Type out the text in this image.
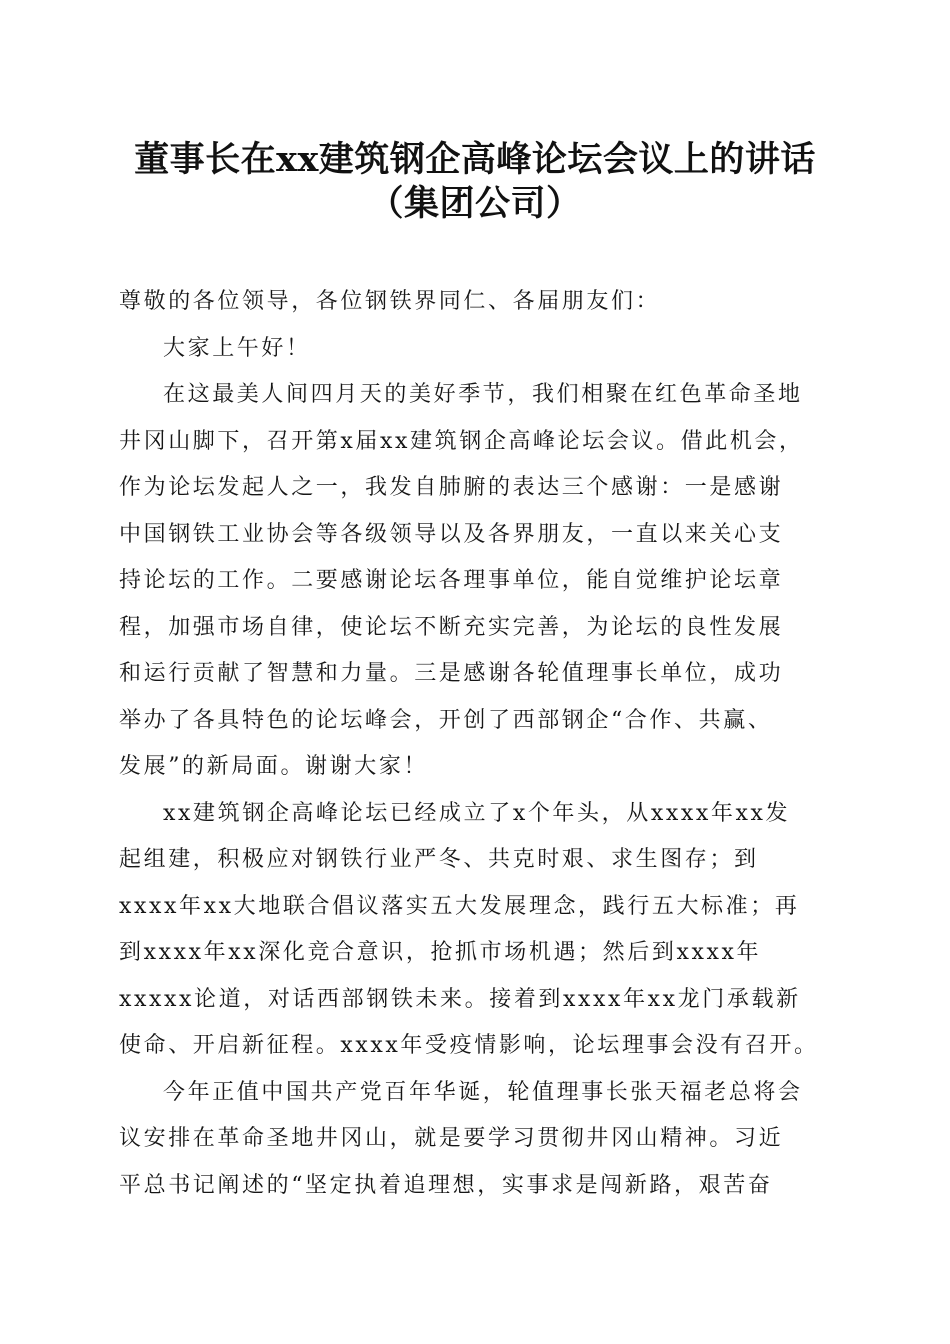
董事长在xx建筑钢企高峰论坛会议上的讲话
（集团公司）
尊敬的各位领导，各位钢铁界同仁、各届朋友们：
大家上午好！
在这最美人间四月天的美好季节，我们相聚在红色革命圣地
井冈山脚下，召开第x届xx建筑钢企高峰论坛会议。借此机会，
作为论坛发起人之一，我发自肺腑的表达三个感谢：一是感谢
中国钢铁工业协会等各级领导以及各界朋友，一直以来关心支
持论坛的工作。二要感谢论坛各理事单位，能自觉维护论坛章
程，加强市场自律，使论坛不断充实完善，为论坛的良性发展
和运行贡献了智慧和力量。三是感谢各轮值理事长单位，成功
举办了各具特色的论坛峰会，开创了西部钢企“合作、共赢、
发展”的新局面。谢谢大家！
xx建筑钢企高峰论坛已经成立了x个年头，从xxxx年xx发
起组建，积极应对钢铁行业严冬、共克时艰、求生图存；到
xxxx年xx大地联合倡议落实五大发展理念，践行五大标准；再
到xxxx年xx深化竞合意识，抢抓市场机遇；然后到xxxx年
xxxxx论道，对话西部钢铁未来。接着到xxxx年xx龙门承载新
使命、开启新征程。xxxx年受疫情影响，论坛理事会没有召开。
今年正值中国共产党百年华诞，轮值理事长张天福老总将会
议安排在革命圣地井冈山，就是要学习贯彻井冈山精神。习近
平总书记阐述的“坚定执着追理想，实事求是闯新路，艰苦奋
